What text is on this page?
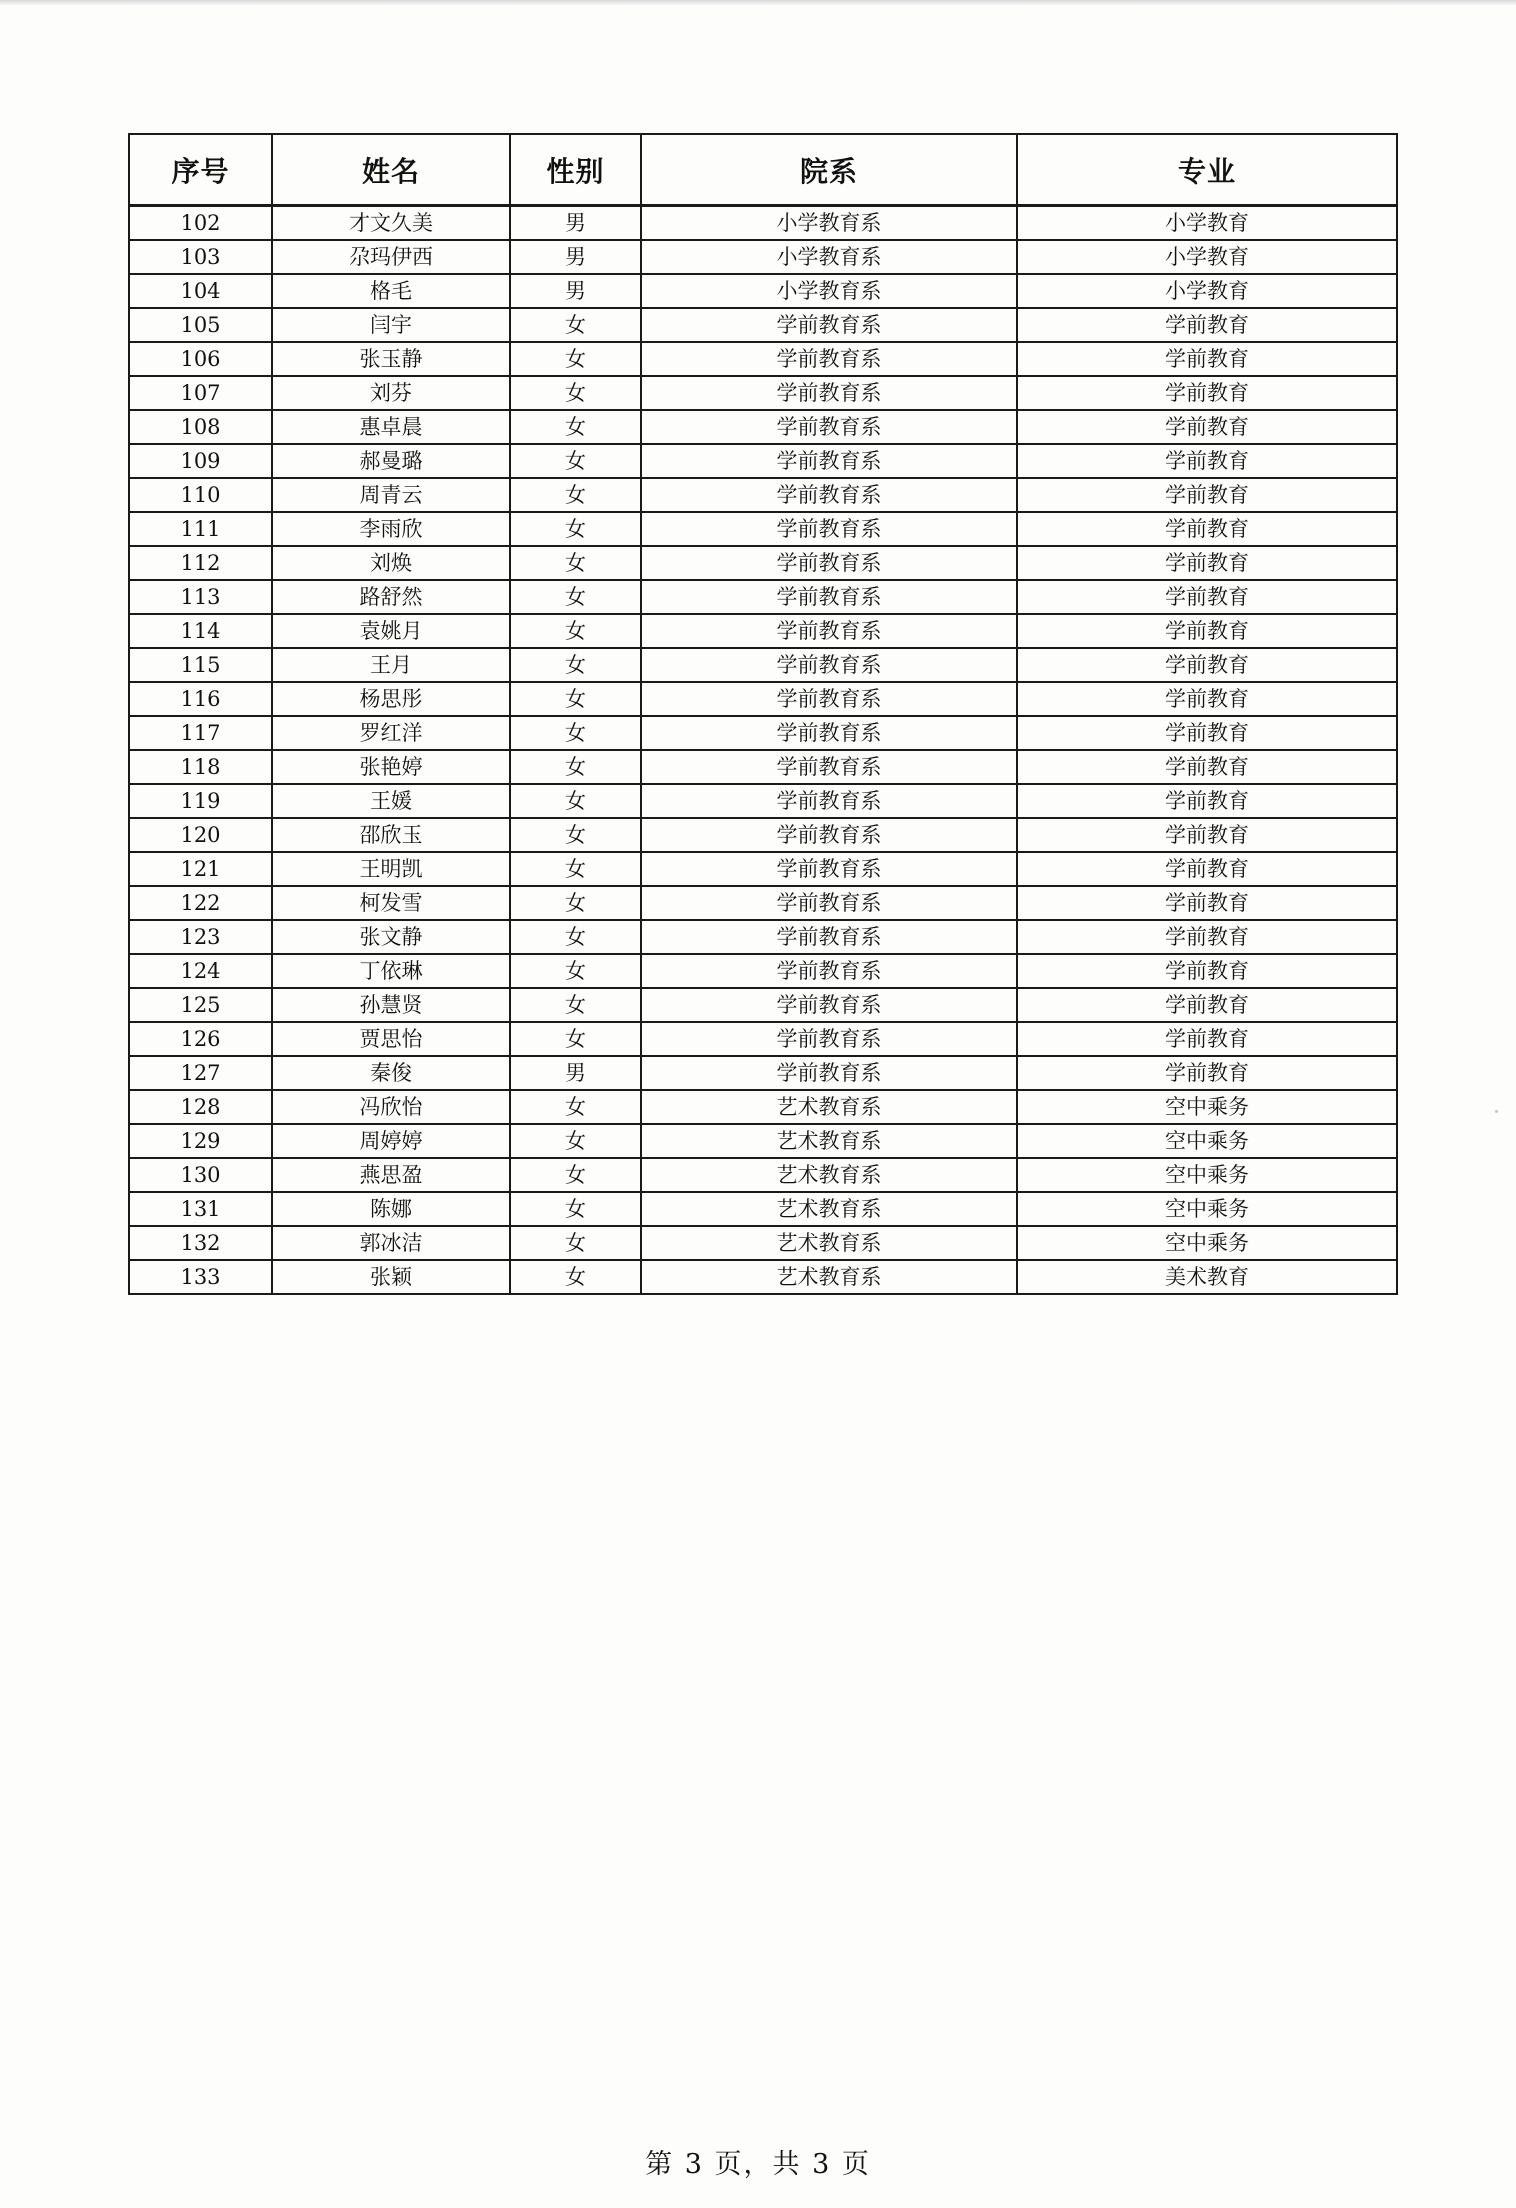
序号	姓名	性别	院系	专业
102	才文久美	男	小学教育系	小学教育
103	尕玛伊西	男	小学教育系	小学教育
104	格毛	男	小学教育系	小学教育
105	闫宇	女	学前教育系	学前教育
106	张玉静	女	学前教育系	学前教育
107	刘芬	女	学前教育系	学前教育
108	惠卓晨	女	学前教育系	学前教育
109	郝曼璐	女	学前教育系	学前教育
110	周青云	女	学前教育系	学前教育
111	李雨欣	女	学前教育系	学前教育
112	刘焕	女	学前教育系	学前教育
113	路舒然	女	学前教育系	学前教育
114	袁姚月	女	学前教育系	学前教育
115	王月	女	学前教育系	学前教育
116	杨思彤	女	学前教育系	学前教育
117	罗红洋	女	学前教育系	学前教育
118	张艳婷	女	学前教育系	学前教育
119	王媛	女	学前教育系	学前教育
120	邵欣玉	女	学前教育系	学前教育
121	王明凯	女	学前教育系	学前教育
122	柯发雪	女	学前教育系	学前教育
123	张文静	女	学前教育系	学前教育
124	丁依琳	女	学前教育系	学前教育
125	孙慧贤	女	学前教育系	学前教育
126	贾思怡	女	学前教育系	学前教育
127	秦俊	男	学前教育系	学前教育
128	冯欣怡	女	艺术教育系	空中乘务
129	周婷婷	女	艺术教育系	空中乘务
130	燕思盈	女	艺术教育系	空中乘务
131	陈娜	女	艺术教育系	空中乘务
132	郭冰洁	女	艺术教育系	空中乘务
133	张颖	女	艺术教育系	美术教育
第 3 页，共 3 页
